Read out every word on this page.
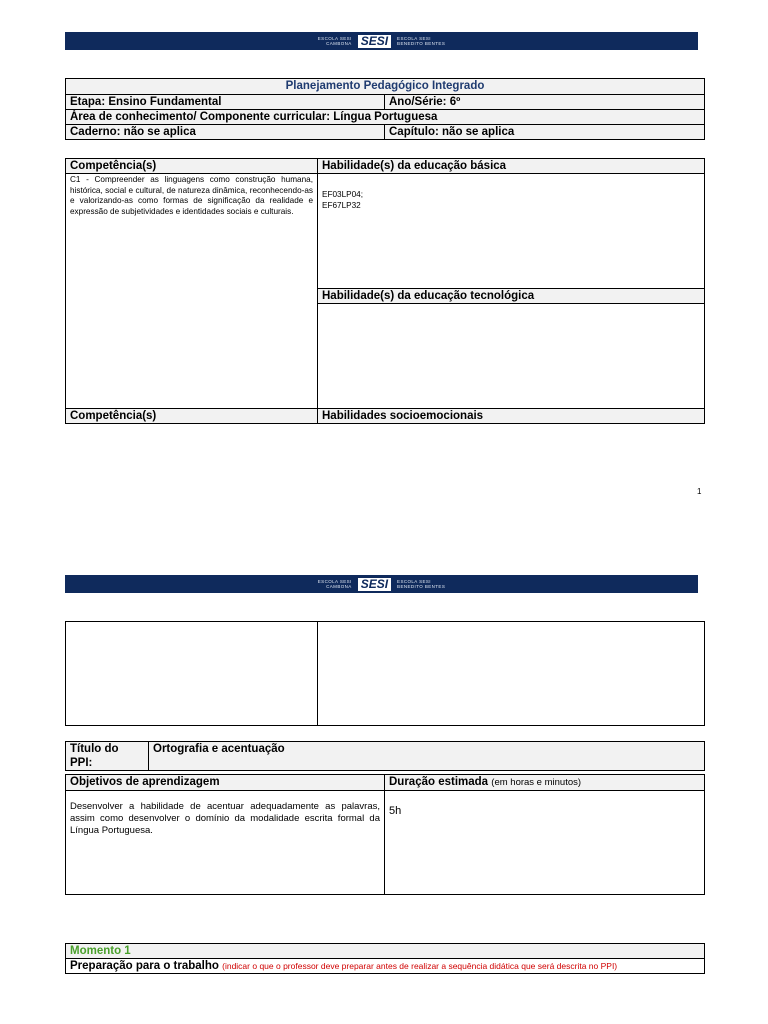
ESCOLA SESI
CAMBONA SESI	ESCOLA SESI
BENEDITO BENTES
Planejamento Pedagógico Integrado	
Etapa: Ensino Fundamental	Ano/Série: 6º
Área de conhecimento/ Componente curricular: Língua Portuguesa	
Caderno: não se aplica	Capítulo: não se aplica
Competência(s)	Habilidade(s) da educação básica
C1 - Compreender as linguagens como construção humana, histórica, social e cultural, de natureza dinâmica, reconhecendo-as e valorizando-as como formas de significação da realidade e expressão de subjetividades e identidades sociais e culturais.	EF03LP04;
EF67LP32

	Habilidade(s) da educação tecnológica

Competência(s)	Habilidades socioemocionais
1
ESCOLA SESI
CAMBONA SESI	ESCOLA SESI
BENEDITO BENTES

Título do PPI:	Ortografia e acentuação
Objetivos de aprendizagem	Duração estimada (em horas e minutos)

Desenvolver a habilidade de acentuar adequadamente as palavras, assim como desenvolver o domínio da modalidade escrita formal da Língua Portuguesa.	5h
Momento 1
Preparação para o trabalho (indicar o que o professor deve preparar antes de realizar a sequência didática que será descrita no PPI)
